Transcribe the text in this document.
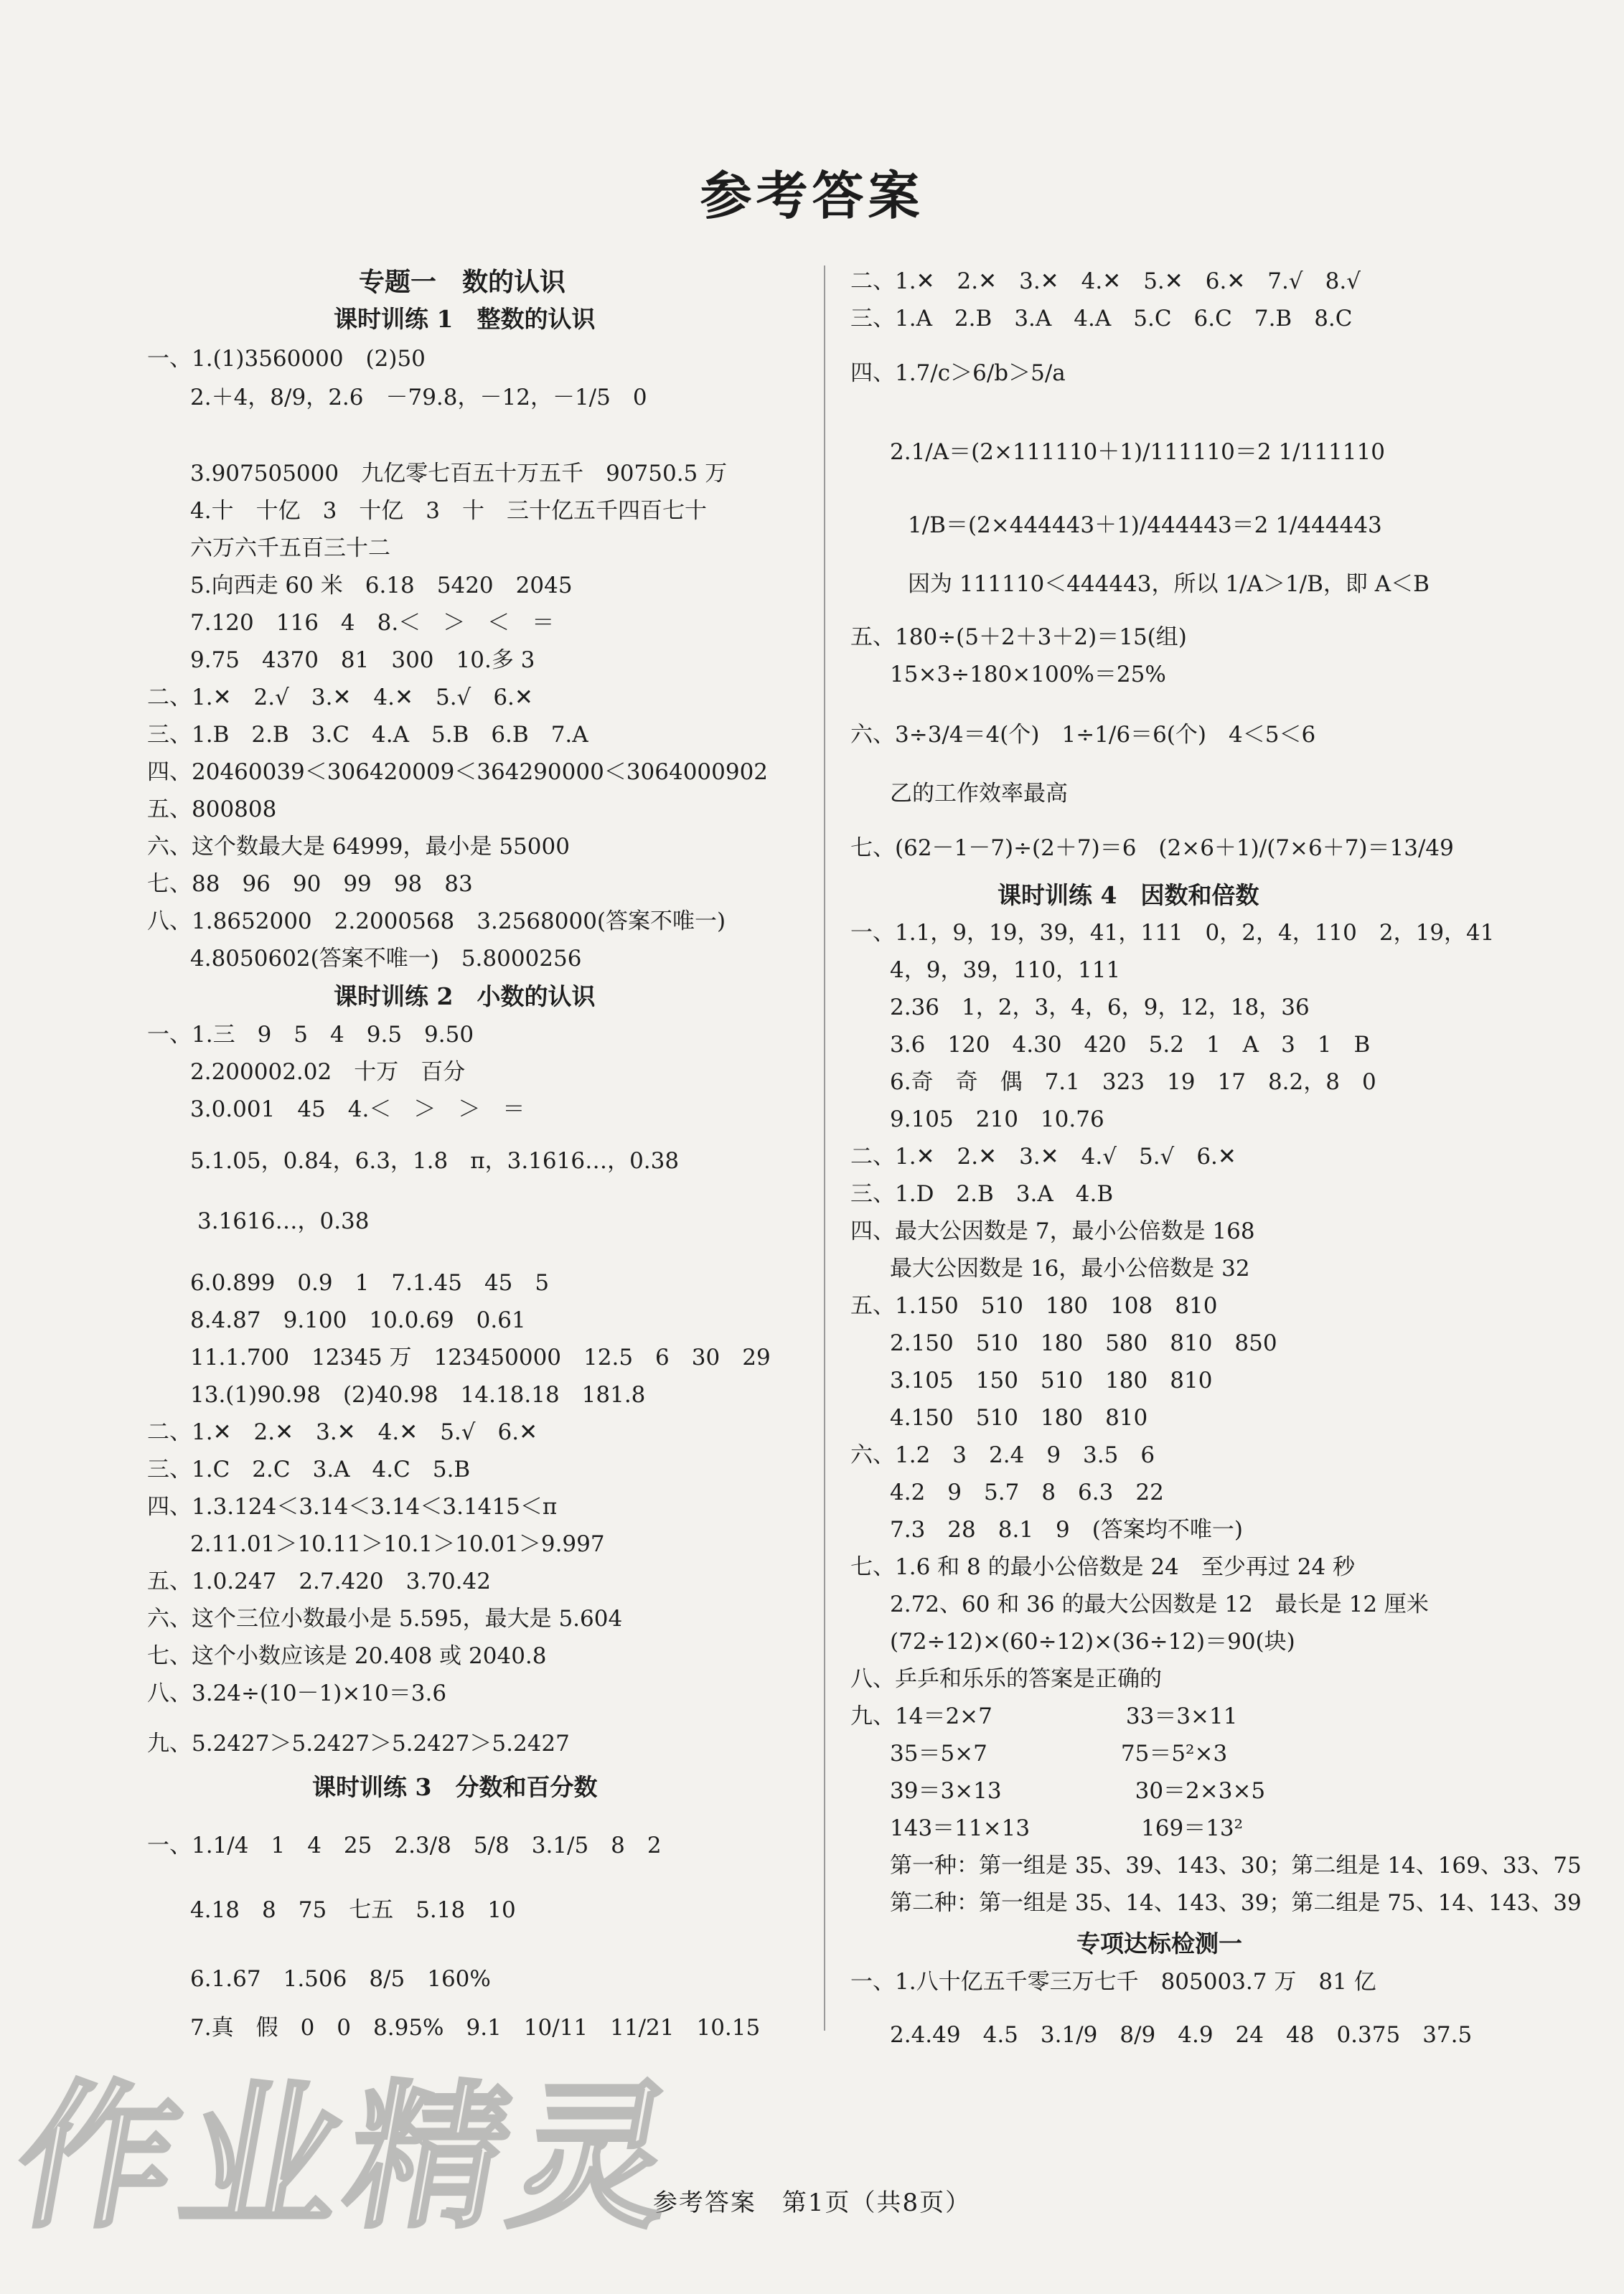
参考答案
专题一　数的认识
课时训练 1　整数的认识
一、1.(1)3560000　(2)50
2.＋4，8/9，2.6　－79.8，－12，－1/5　0
3.907505000　九亿零七百五十万五千　90750.5 万
4.十　十亿　3　十亿　3　十　三十亿五千四百七十
六万六千五百三十二
5.向西走 60 米　6.18　5420　2045
7.120　116　4　8.＜　＞　＜　＝
9.75　4370　81　300　10.多 3
二、1.✕　2.√　3.✕　4.✕　5.√　6.✕
三、1.B　2.B　3.C　4.A　5.B　6.B　7.A
四、20460039＜306420009＜364290000＜3064000902
五、800808
六、这个数最大是 64999，最小是 55000
七、88　96　90　99　98　83
八、1.8652000　2.2000568　3.2568000(答案不唯一)
4.8050602(答案不唯一)　5.8000256
课时训练 2　小数的认识
一、1.三　9　5　4　9.5　9.50
2.200002.02　十万　百分
3.0.001　45　4.＜　＞　＞　＝
5.1.05，0.84，6.3，1.8　π，3.1616…，0.38
3.1616…，0.38
6.0.899　0.9　1　7.1.45　45　5
8.4.87　9.100　10.0.69　0.61
11.1.700　12345 万　123450000　12.5　6　30　29
13.(1)90.98　(2)40.98　14.18.18　181.8
二、1.✕　2.✕　3.✕　4.✕　5.√　6.✕
三、1.C　2.C　3.A　4.C　5.B
四、1.3.124＜3.14＜3.14＜3.1415＜π
2.11.01＞10.11＞10.1＞10.01＞9.997
五、1.0.247　2.7.420　3.70.42
六、这个三位小数最小是 5.595，最大是 5.604
七、这个小数应该是 20.408 或 2040.8
八、3.24÷(10－1)×10＝3.6
九、5.2427＞5.2427＞5.2427＞5.2427
课时训练 3　分数和百分数
一、1.1/4　1　4　25　2.3/8　5/8　3.1/5　8　2
4.18　8　75　七五　5.18　10
6.1.67　1.506　8/5　160%
7.真　假　0　0　8.95%　9.1　10/11　11/21　10.15
二、1.✕　2.✕　3.✕　4.✕　5.✕　6.✕　7.√　8.√
三、1.A　2.B　3.A　4.A　5.C　6.C　7.B　8.C
四、1.7/c＞6/b＞5/a
2.1/A＝(2×111110＋1)/111110＝2 1/111110
1/B＝(2×444443＋1)/444443＝2 1/444443
因为 111110＜444443，所以 1/A＞1/B，即 A＜B
五、180÷(5＋2＋3＋2)＝15(组)
15×3÷180×100%＝25%
六、3÷3/4＝4(个)　1÷1/6＝6(个)　4＜5＜6
乙的工作效率最高
七、(62－1－7)÷(2＋7)＝6　(2×6＋1)/(7×6＋7)＝13/49
课时训练 4　因数和倍数
一、1.1，9，19，39，41，111　0，2，4，110　2，19，41
4，9，39，110，111
2.36　1，2，3，4，6，9，12，18，36
3.6　120　4.30　420　5.2　1　A　3　1　B
6.奇　奇　偶　7.1　323　19　17　8.2，8　0
9.105　210　10.76
二、1.✕　2.✕　3.✕　4.√　5.√　6.✕
三、1.D　2.B　3.A　4.B
四、最大公因数是 7，最小公倍数是 168
最大公因数是 16，最小公倍数是 32
五、1.150　510　180　108　810
2.150　510　180　580　810　850
3.105　150　510　180　810
4.150　510　180　810
六、1.2　3　2.4　9　3.5　6
4.2　9　5.7　8　6.3　22
7.3　28　8.1　9　(答案均不唯一)
七、1.6 和 8 的最小公倍数是 24　至少再过 24 秒
2.72、60 和 36 的最大公因数是 12　最长是 12 厘米
(72÷12)×(60÷12)×(36÷12)＝90(块)
八、乒乒和乐乐的答案是正确的
九、14＝2×7　　　　　　33＝3×11
35＝5×7　　　　　　75＝5²×3
39＝3×13　　　　　　30＝2×3×5
143＝11×13　　　　　169＝13²
第一种：第一组是 35、39、143、30；第二组是 14、169、33、75
第二种：第一组是 35、14、143、39；第二组是 75、14、143、39
专项达标检测一
一、1.八十亿五千零三万七千　805003.7 万　81 亿
2.4.49　4.5　3.1/9　8/9　4.9　24　48　0.375　37.5
参考答案　第1页（共8页）
作业精灵
